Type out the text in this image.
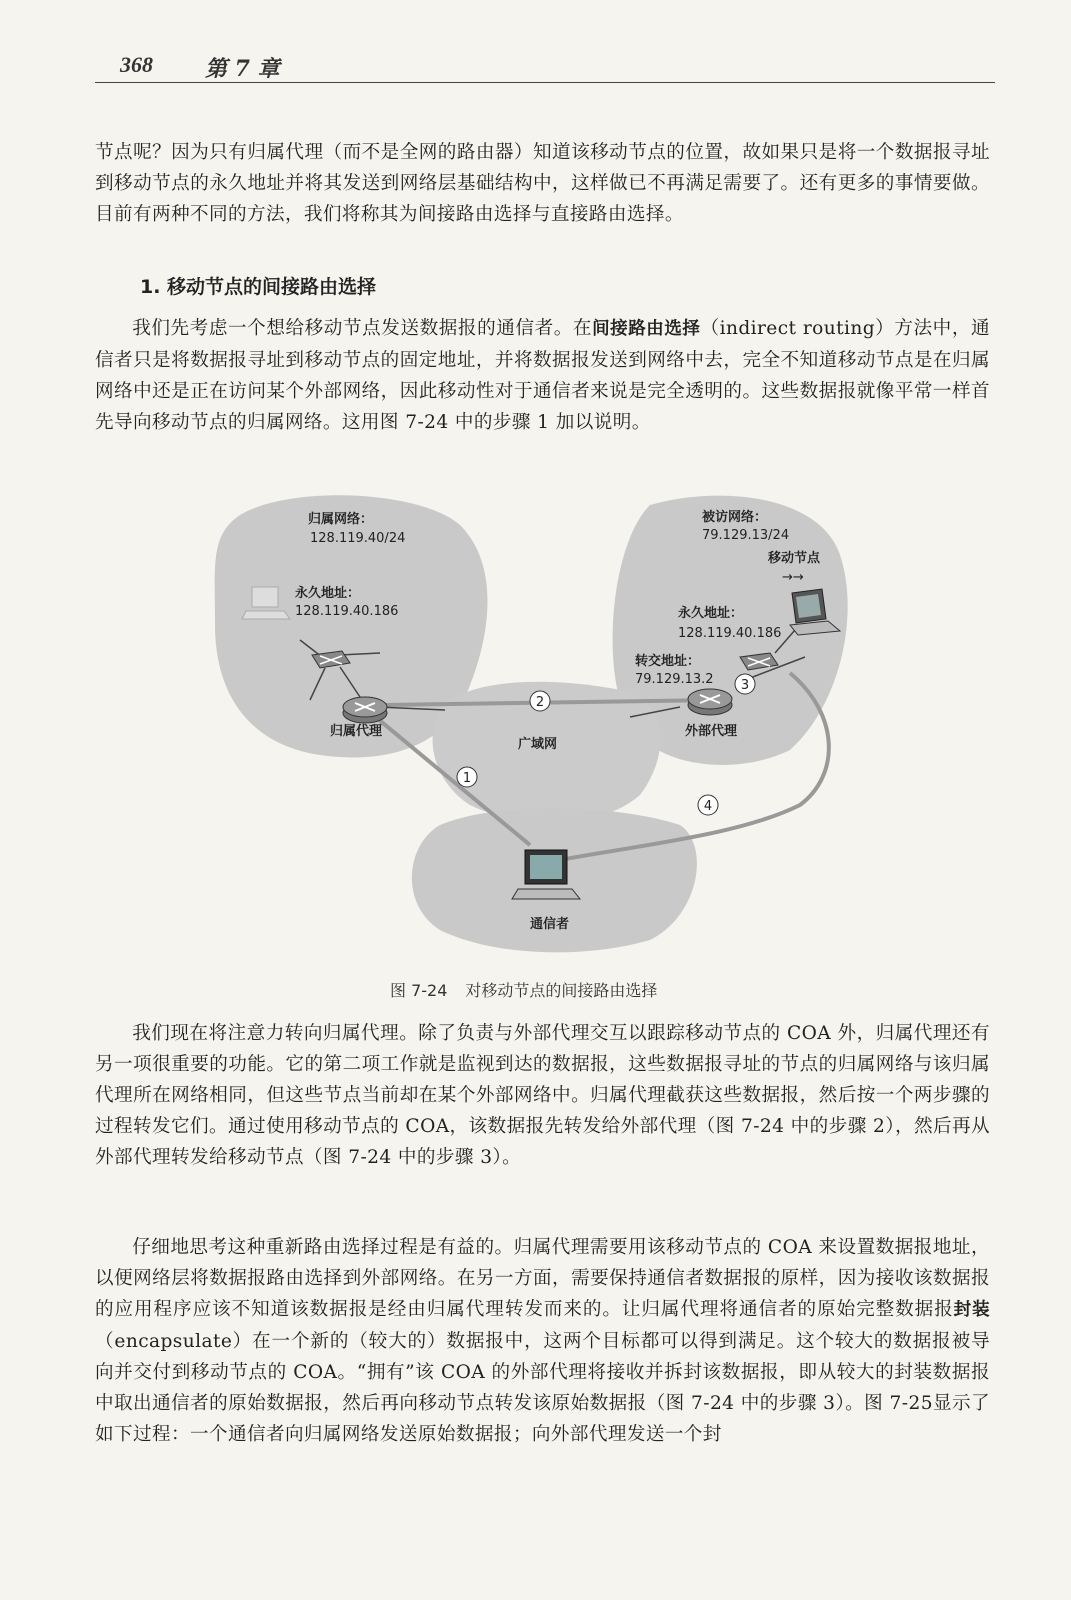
368 第 7 章

节点呢？因为只有归属代理（而不是全网的路由器）知道该移动节点的位置，故如果只是将一个数据报寻址到移动节点的永久地址并将其发送到网络层基础结构中，这样做已不再满足需要了。还有更多的事情要做。目前有两种不同的方法，我们将称其为间接路由选择与直接路由选择。

1. 移动节点的间接路由选择

我们先考虑一个想给移动节点发送数据报的通信者。在间接路由选择（indirect routing）方法中，通信者只是将数据报寻址到移动节点的固定地址，并将数据报发送到网络中去，完全不知道移动节点是在归属网络中还是正在访问某个外部网络，因此移动性对于通信者来说是完全透明的。这些数据报就像平常一样首先导向移动节点的归属网络。这用图 7-24 中的步骤 1 加以说明。

→→
1
2
3
4
归属网络：
128.119.40/24
永久地址：
128.119.40.186
归属代理
广域网
被访网络：
79.129.13/24
移动节点
永久地址：
128.119.40.186
转交地址：
79.129.13.2
外部代理
通信者
图 7-24 对移动节点的间接路由选择

我们现在将注意力转向归属代理。除了负责与外部代理交互以跟踪移动节点的 COA 外，归属代理还有另一项很重要的功能。它的第二项工作就是监视到达的数据报，这些数据报寻址的节点的归属网络与该归属代理所在网络相同，但这些节点当前却在某个外部网络中。归属代理截获这些数据报，然后按一个两步骤的过程转发它们。通过使用移动节点的 COA，该数据报先转发给外部代理（图 7-24 中的步骤 2），然后再从外部代理转发给移动节点（图 7-24 中的步骤 3）。

仔细地思考这种重新路由选择过程是有益的。归属代理需要用该移动节点的 COA 来设置数据报地址，以便网络层将数据报路由选择到外部网络。在另一方面，需要保持通信者数据报的原样，因为接收该数据报的应用程序应该不知道该数据报是经由归属代理转发而来的。让归属代理将通信者的原始完整数据报封装（encapsulate）在一个新的（较大的）数据报中，这两个目标都可以得到满足。这个较大的数据报被导向并交付到移动节点的 COA。“拥有”该 COA 的外部代理将接收并拆封该数据报，即从较大的封装数据报中取出通信者的原始数据报，然后再向移动节点转发该原始数据报（图 7-24 中的步骤 3）。图 7-25显示了如下过程：一个通信者向归属网络发送原始数据报；向外部代理发送一个封
